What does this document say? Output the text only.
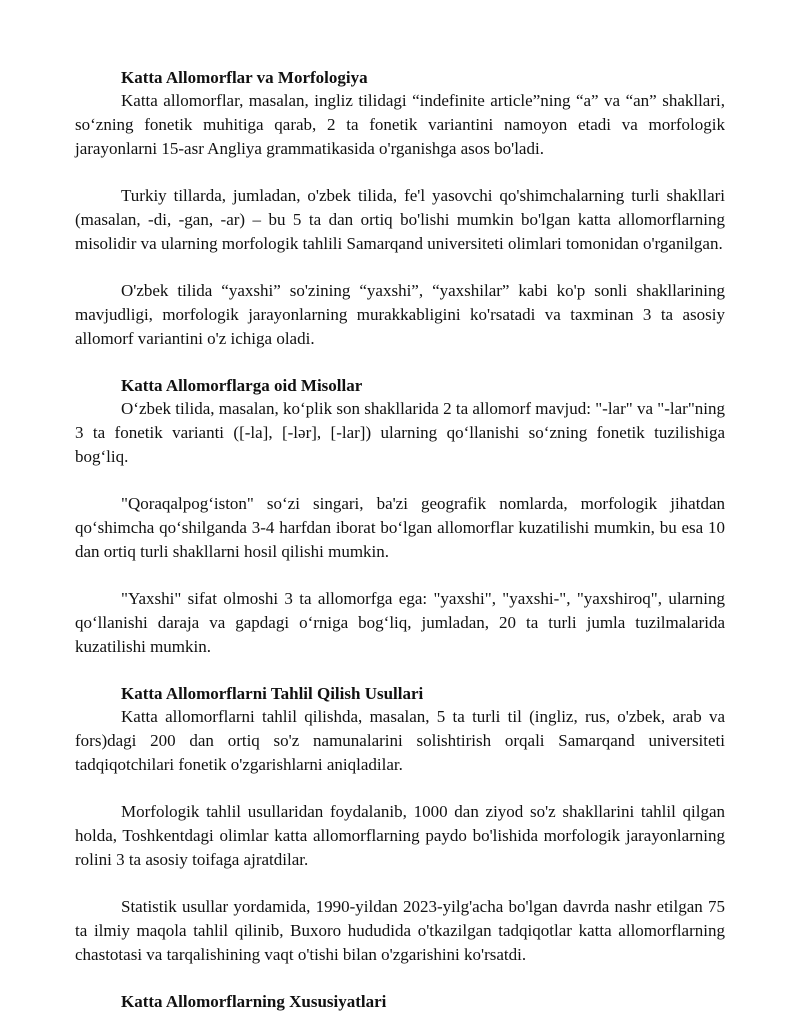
Katta Allomorflar va Morfologiya

Katta allomorflar, masalan, ingliz tilidagi “indefinite article”ning “a” va “an” shakllari, so‘zning fonetik muhitiga qarab, 2 ta fonetik variantini namoyon etadi va morfologik jarayonlarni 15-asr Angliya grammatikasida o'rganishga asos bo'ladi.

Turkiy tillarda, jumladan, o'zbek tilida, fe'l yasovchi qo'shimchalarning turli shakllari (masalan, -di, -gan, -ar) – bu 5 ta dan ortiq bo'lishi mumkin bo'lgan katta allomorflarning misolidir va ularning morfologik tahlili Samarqand universiteti olimlari tomonidan o'rganilgan.

O'zbek tilida “yaxshi” so'zining “yaxshi”, “yaxshilar” kabi ko'p sonli shakllarining mavjudligi, morfologik jarayonlarning murakkabligini ko'rsatadi va taxminan 3 ta asosiy allomorf variantini o'z ichiga oladi.

Katta Allomorflarga oid Misollar

O‘zbek tilida, masalan, ko‘plik son shakllarida 2 ta allomorf mavjud: "-lar" va "-lar"ning 3 ta fonetik varianti ([-la], [-lər], [-lar]) ularning qo‘llanishi so‘zning fonetik tuzilishiga bog‘liq.

"Qoraqalpog‘iston" so‘zi singari, ba'zi geografik nomlarda, morfologik jihatdan qo‘shimcha qo‘shilganda 3-4 harfdan iborat bo‘lgan allomorflar kuzatilishi mumkin, bu esa 10 dan ortiq turli shakllarni hosil qilishi mumkin.

"Yaxshi" sifat olmoshi 3 ta allomorfga ega: "yaxshi", "yaxshi-", "yaxshiroq", ularning qo‘llanishi daraja va gapdagi o‘rniga bog‘liq, jumladan, 20 ta turli jumla tuzilmalarida kuzatilishi mumkin.

Katta Allomorflarni Tahlil Qilish Usullari

Katta allomorflarni tahlil qilishda, masalan, 5 ta turli til (ingliz, rus, o'zbek, arab va fors)dagi 200 dan ortiq so'z namunalarini solishtirish orqali Samarqand universiteti tadqiqotchilari fonetik o'zgarishlarni aniqladilar.

Morfologik tahlil usullaridan foydalanib, 1000 dan ziyod so'z shakllarini tahlil qilgan holda, Toshkentdagi olimlar katta allomorflarning paydo bo'lishida morfologik jarayonlarning rolini 3 ta asosiy toifaga ajratdilar.

Statistik usullar yordamida, 1990-yildan 2023-yilg'acha bo'lgan davrda nashr etilgan 75 ta ilmiy maqola tahlil qilinib, Buxoro hududida o'tkazilgan tadqiqotlar katta allomorflarning chastotasi va tarqalishining vaqt o'tishi bilan o'zgarishini ko'rsatdi.

Katta Allomorflarning Xususiyatlari
